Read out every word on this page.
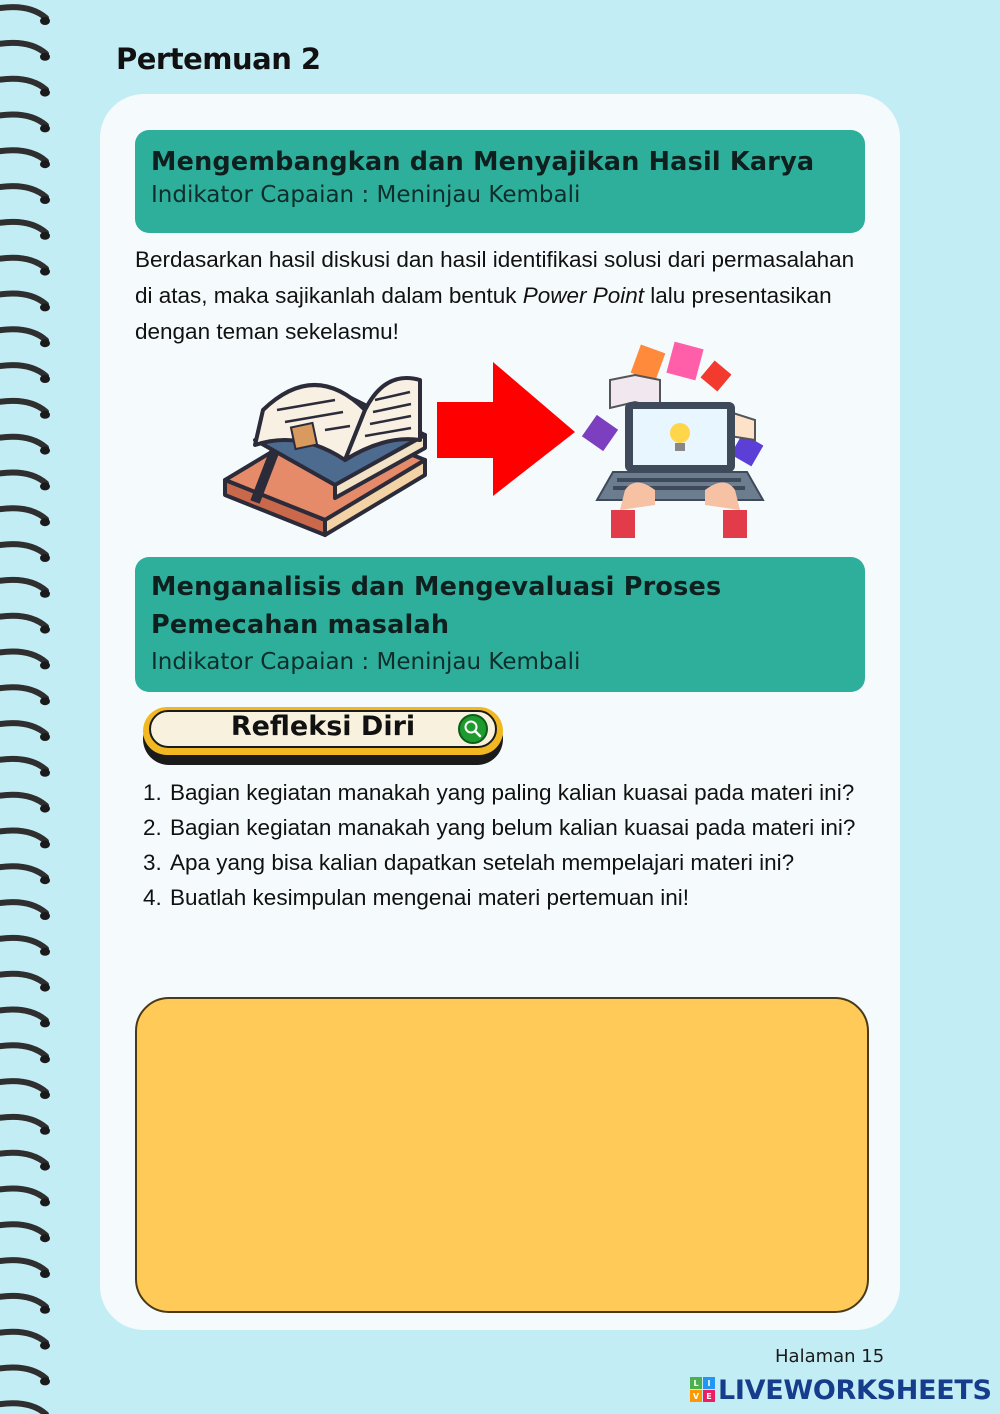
Pertemuan 2
Mengembangkan dan Menyajikan Hasil Karya
Indikator Capaian : Meninjau Kembali

Berdasarkan hasil diskusi dan hasil identifikasi solusi dari permasalahan di atas, maka sajikanlah dalam bentuk Power Point lalu presentasikan dengan teman sekelasmu!

Menganalisis dan Mengevaluasi Proses
Pemecahan masalah
Indikator Capaian : Meninjau Kembali
Refleksi Diri
1. Bagian kegiatan manakah yang paling kalian kuasai pada materi ini?
2. Bagian kegiatan manakah yang belum kalian kuasai pada materi ini?
3. Apa yang bisa kalian dapatkan setelah mempelajari materi ini?
4. Buatlah kesimpulan mengenai materi pertemuan ini!
Halaman 15
L I
V E LIVEWORKSHEETS
